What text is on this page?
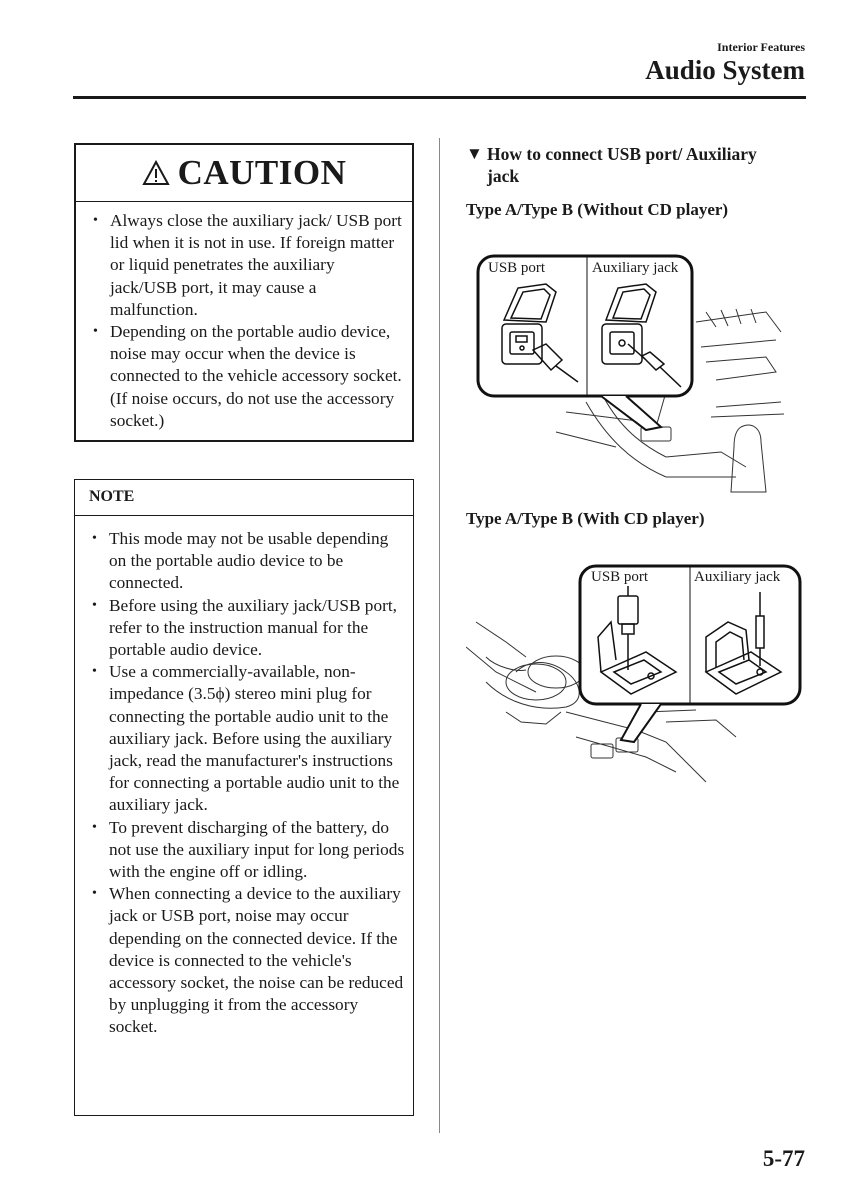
Interior Features
Audio System
CAUTION
• Always close the auxiliary jack/ USB port lid when it is not in use. If foreign matter or liquid penetrates the auxiliary jack/USB port, it may cause a malfunction.
• Depending on the portable audio device, noise may occur when the device is connected to the vehicle accessory socket. (If noise occurs, do not use the accessory socket.)
NOTE
• This mode may not be usable depending on the portable audio device to be connected.
• Before using the auxiliary jack/USB port, refer to the instruction manual for the portable audio device.
• Use a commercially-available, non-impedance (3.5ϕ) stereo mini plug for connecting the portable audio unit to the auxiliary jack. Before using the auxiliary jack, read the manufacturer's instructions for connecting a portable audio unit to the auxiliary jack.
• To prevent discharging of the battery, do not use the auxiliary input for long periods with the engine off or idling.
• When connecting a device to the auxiliary jack or USB port, noise may occur depending on the connected device. If the device is connected to the vehicle's accessory socket, the noise can be reduced by unplugging it from the accessory socket.
▼ How to connect USB port/ Auxiliary jack
Type A/Type B (Without CD player)
USB port	Auxiliary jack
Type A/Type B (With CD player)
USB port	Auxiliary jack
5-77
